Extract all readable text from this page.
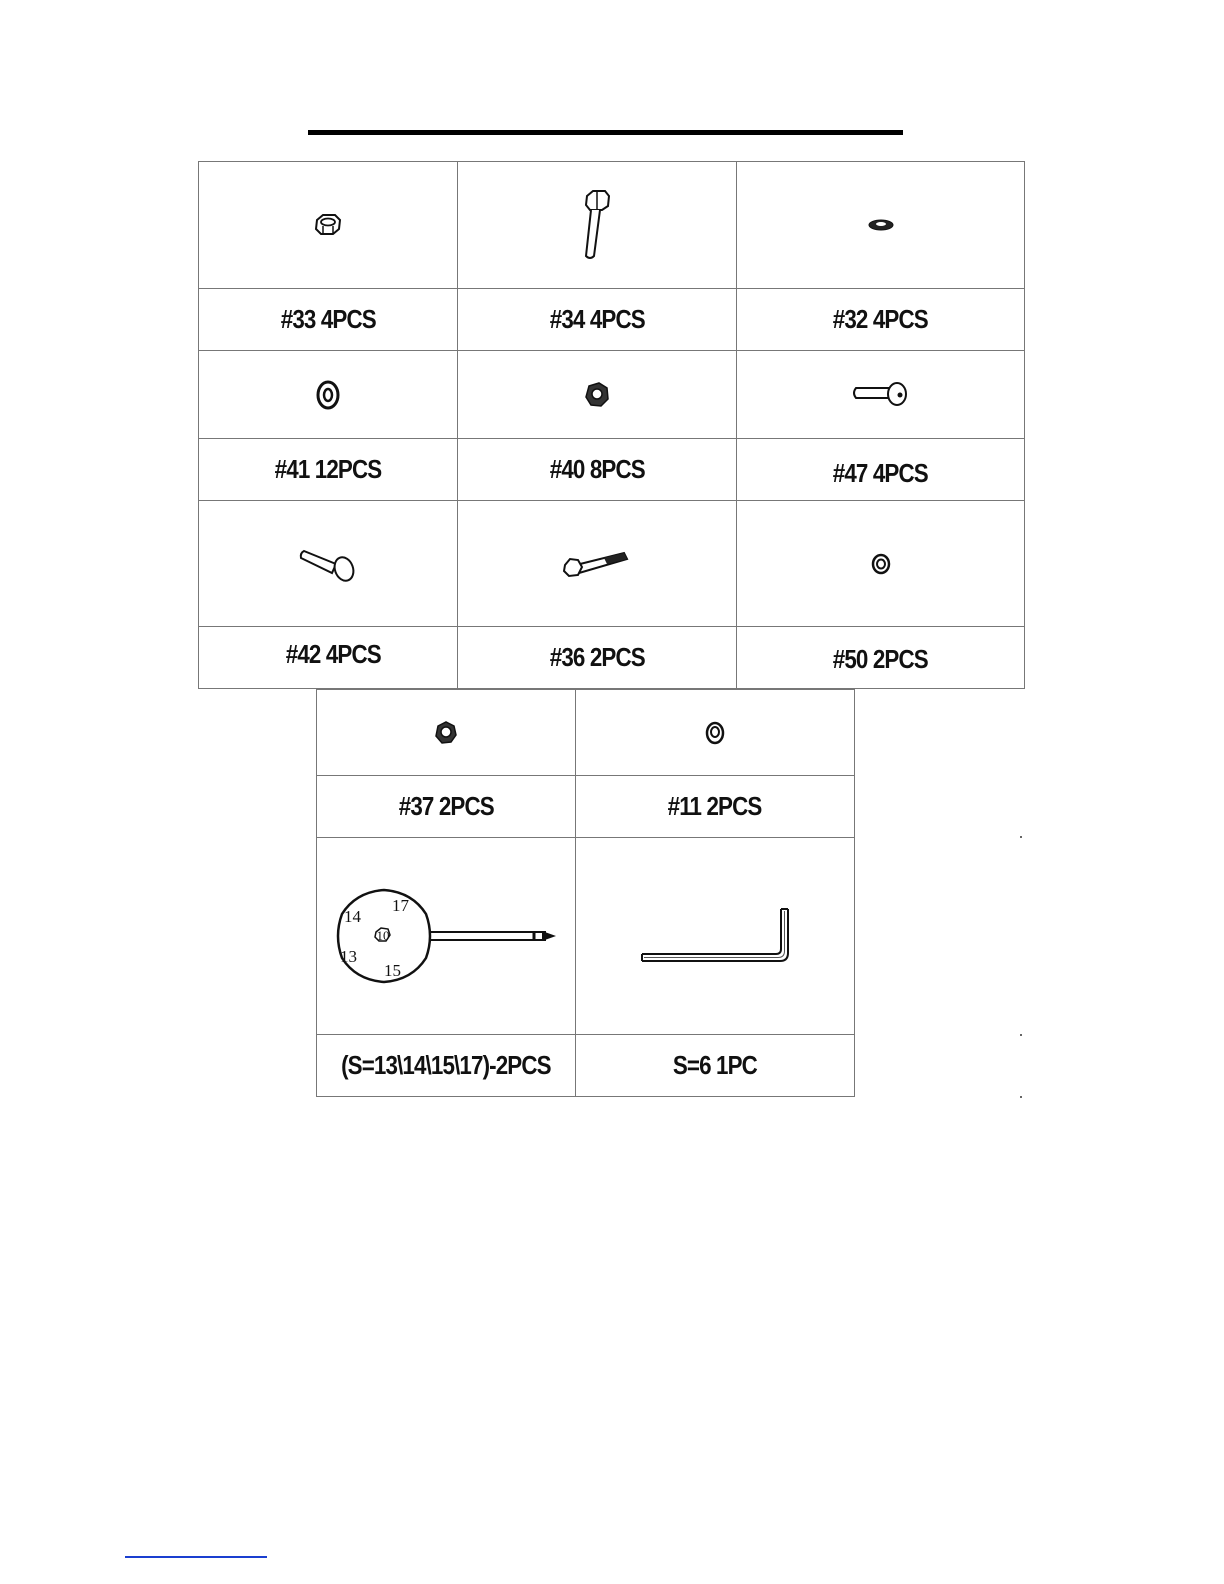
#33 4PCS	#34 4PCS	#32 4PCS

#41 12PCS	#40 8PCS	#47 4PCS

#42 4PCS	#36 2PCS	#50 2PCS

#37 2PCS	#11 2PCS

10
17
14
13
15

(S=13\14\15\17)-2PCS	S=6 1PC
